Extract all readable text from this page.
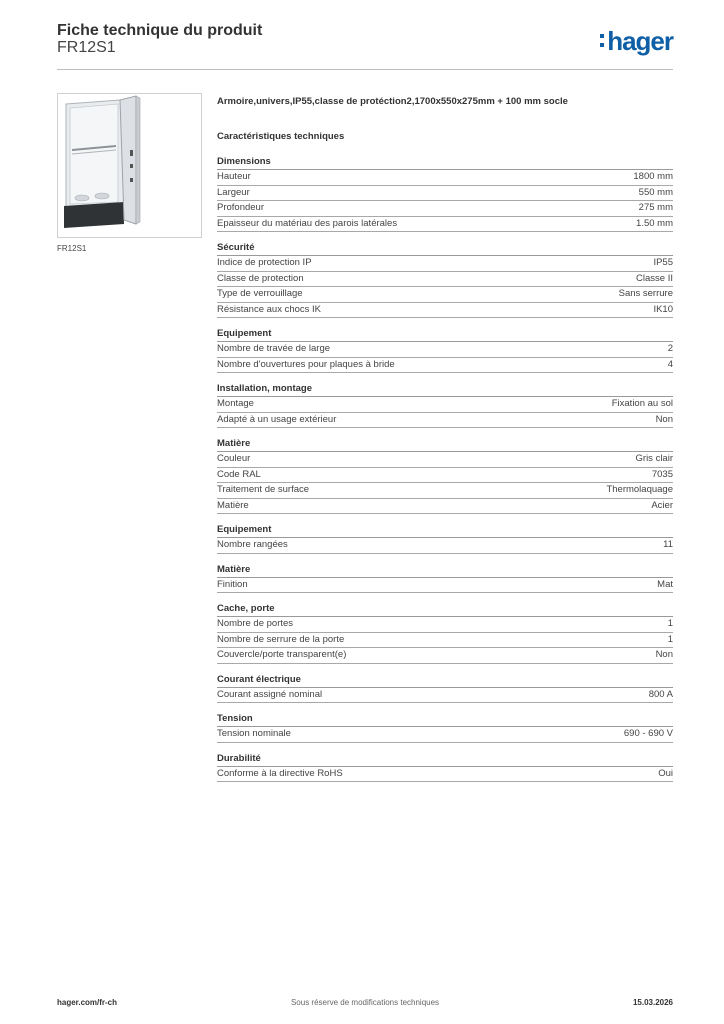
Fiche technique du produit
FR12S1	hager
FR12S1
Armoire,univers,IP55,classe de protéction2,1700x550x275mm + 100 mm socle
Caractéristiques techniques
Dimensions
Hauteur	1800 mm
Largeur	550 mm
Profondeur	275 mm
Epaisseur du matériau des parois latérales	1.50 mm
Sécurité
Indice de protection IP	IP55
Classe de protection	Classe II
Type de verrouillage	Sans serrure
Résistance aux chocs IK	IK10
Equipement
Nombre de travée de large	2
Nombre d'ouvertures pour plaques à bride	4
Installation, montage
Montage	Fixation au sol
Adapté à un usage extérieur	Non
Matière
Couleur	Gris clair
Code RAL	7035
Traitement de surface	Thermolaquage
Matière	Acier
Equipement
Nombre rangées	11
Matière
Finition	Mat
Cache, porte
Nombre de portes	1
Nombre de serrure de la porte	1
Couvercle/porte transparent(e)	Non
Courant électrique
Courant assigné nominal	800 A
Tension
Tension nominale	690 - 690 V
Durabilité
Conforme à la directive RoHS	Oui
hager.com/fr-ch	Sous réserve de modifications techniques	15.03.2026
